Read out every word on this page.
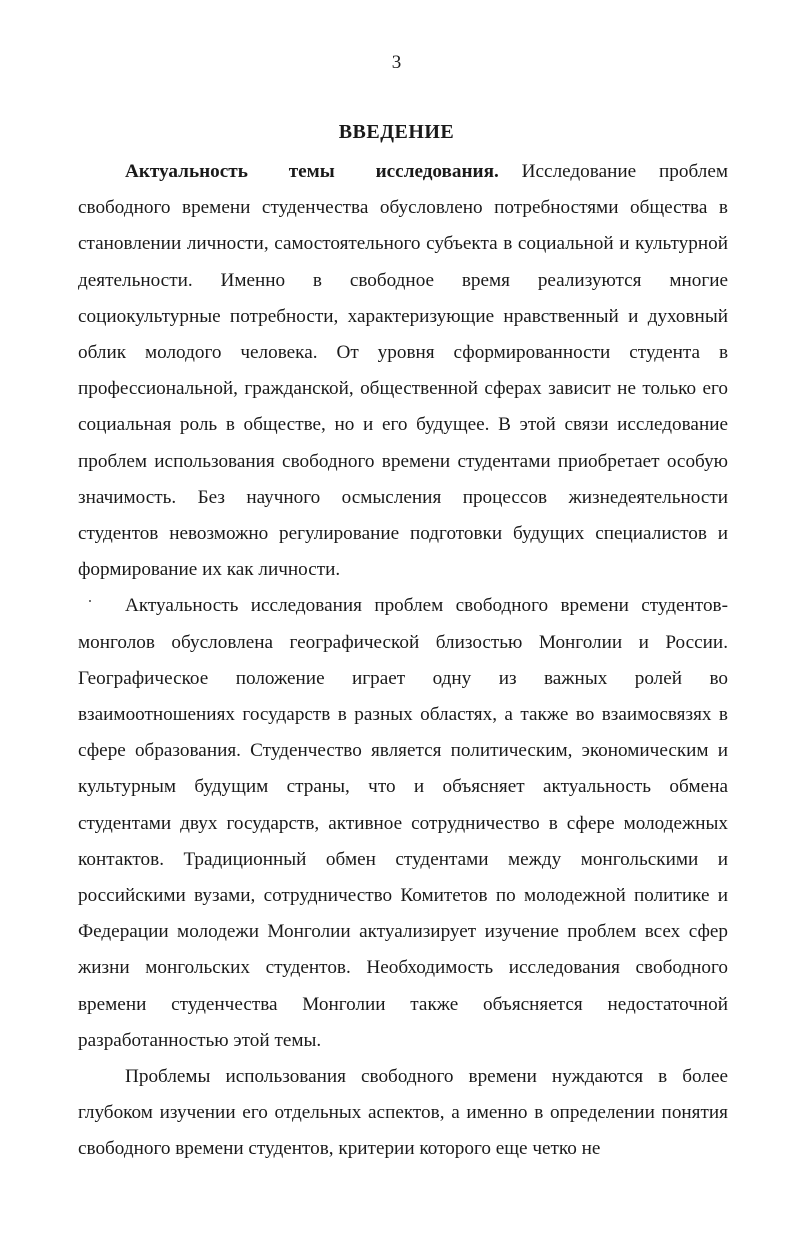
3
ВВЕДЕНИЕ

Актуальность темы исследования. Исследование проблем свободного времени студенчества обусловлено потребностями общества в становлении личности, самостоятельного субъекта в социальной и культурной деятельности. Именно в свободное время реализуются многие социокультурные потребности, характеризующие нравственный и духовный облик молодого человека. От уровня сформированности студента в профессиональной, гражданской, общественной сферах зависит не только его социальная роль в обществе, но и его будущее. В этой связи исследование проблем использования свободного времени студентами приобретает особую значимость. Без научного осмысления процессов жизнедеятельности студентов невозможно регулирование подготовки будущих специалистов и формирование их как личности.

Актуальность исследования проблем свободного времени студентов-монголов обусловлена географической близостью Монголии и России. Географическое положение играет одну из важных ролей во взаимоотношениях государств в разных областях, а также во взаимосвязях в сфере образования. Студенчество является политическим, экономическим и культурным будущим страны, что и объясняет актуальность обмена студентами двух государств, активное сотрудничество в сфере молодежных контактов. Традиционный обмен студентами между монгольскими и российскими вузами, сотрудничество Комитетов по молодежной политике и Федерации молодежи Монголии актуализирует изучение проблем всех сфер жизни монгольских студентов. Необходимость исследования свободного времени студенчества Монголии также объясняется недостаточной разработанностью этой темы.

Проблемы использования свободного времени нуждаются в более глубоком изучении его отдельных аспектов, а именно в определении понятия свободного времени студентов, критерии которого еще четко не
